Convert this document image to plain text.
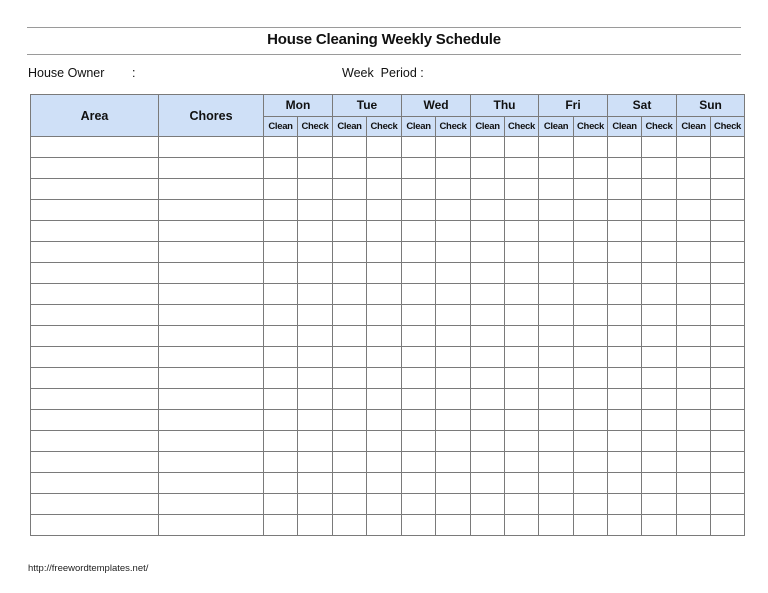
House Cleaning Weekly Schedule
House Owner :	Week  Period :
Area	Chores	Mon		Tue		Wed		Thu		Fri		Sat		Sun	
		Clean	Check	Clean	Check	Clean	Check	Clean	Check	Clean	Check	Clean	Check	Clean	Check

http://freewordtemplates.net/
